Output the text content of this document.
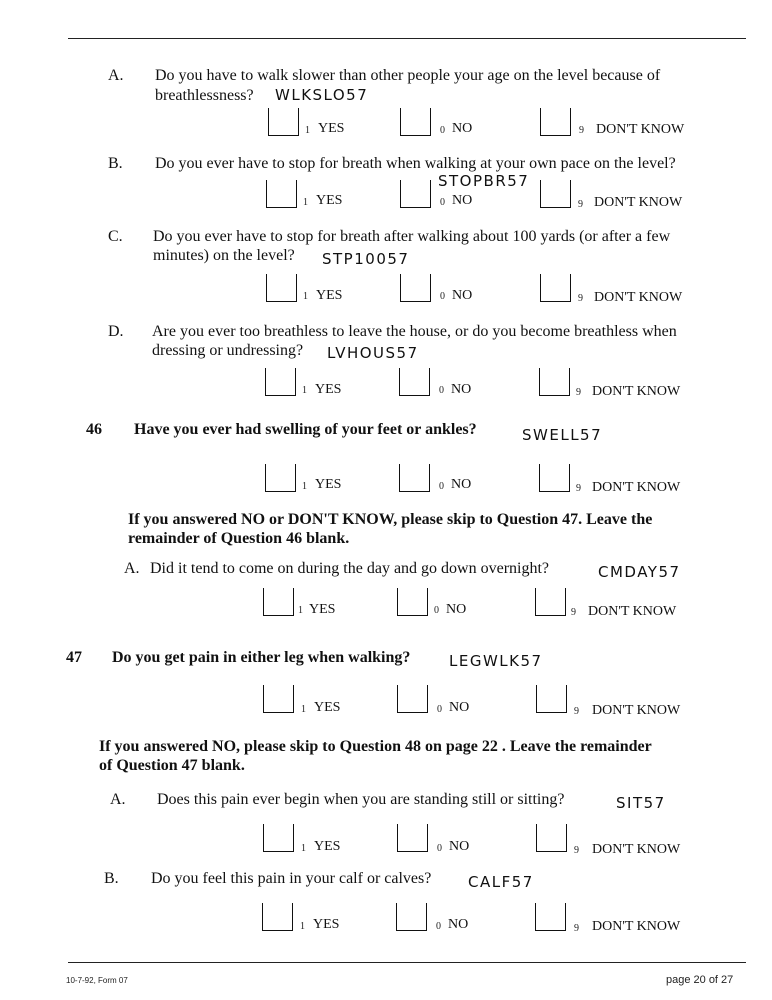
A. Do you have to walk slower than other people your age on the level because of
breathlessness? WLKSLO57
1 YES	0 NO	9 DON'T KNOW
B. Do you ever have to stop for breath when walking at your own pace on the level?
STOPBR57
1 YES	0 NO	9 DON'T KNOW
C. Do you ever have to stop for breath after walking about 100 yards (or after a few
minutes) on the level? STP10057
1 YES	0 NO	9 DON'T KNOW
D. Are you ever too breathless to leave the house, or do you become breathless when
dressing or undressing? LVHOUS57
1 YES	0 NO	9 DON'T KNOW
46 Have you ever had swelling of your feet or ankles?	SWELL57
1 YES	0 NO	9 DON'T KNOW
If you answered NO or DON'T KNOW, please skip to Question 47. Leave the
remainder of Question 46 blank.
A. Did it tend to come on during the day and go down overnight?	CMDAY57
1 YES	0 NO	9 DON'T KNOW
47 Do you get pain in either leg when walking?	LEGWLK57
1 YES	0 NO	9 DON'T KNOW
If you answered NO, please skip to Question 48 on page 22 . Leave the remainder
of Question 47 blank.
A. Does this pain ever begin when you are standing still or sitting?	SIT57
1 YES	0 NO	9 DON'T KNOW
B. Do you feel this pain in your calf or calves? CALF57
1 YES	0 NO	9 DON'T KNOW
10-7-92, Form 07	page 20 of 27
